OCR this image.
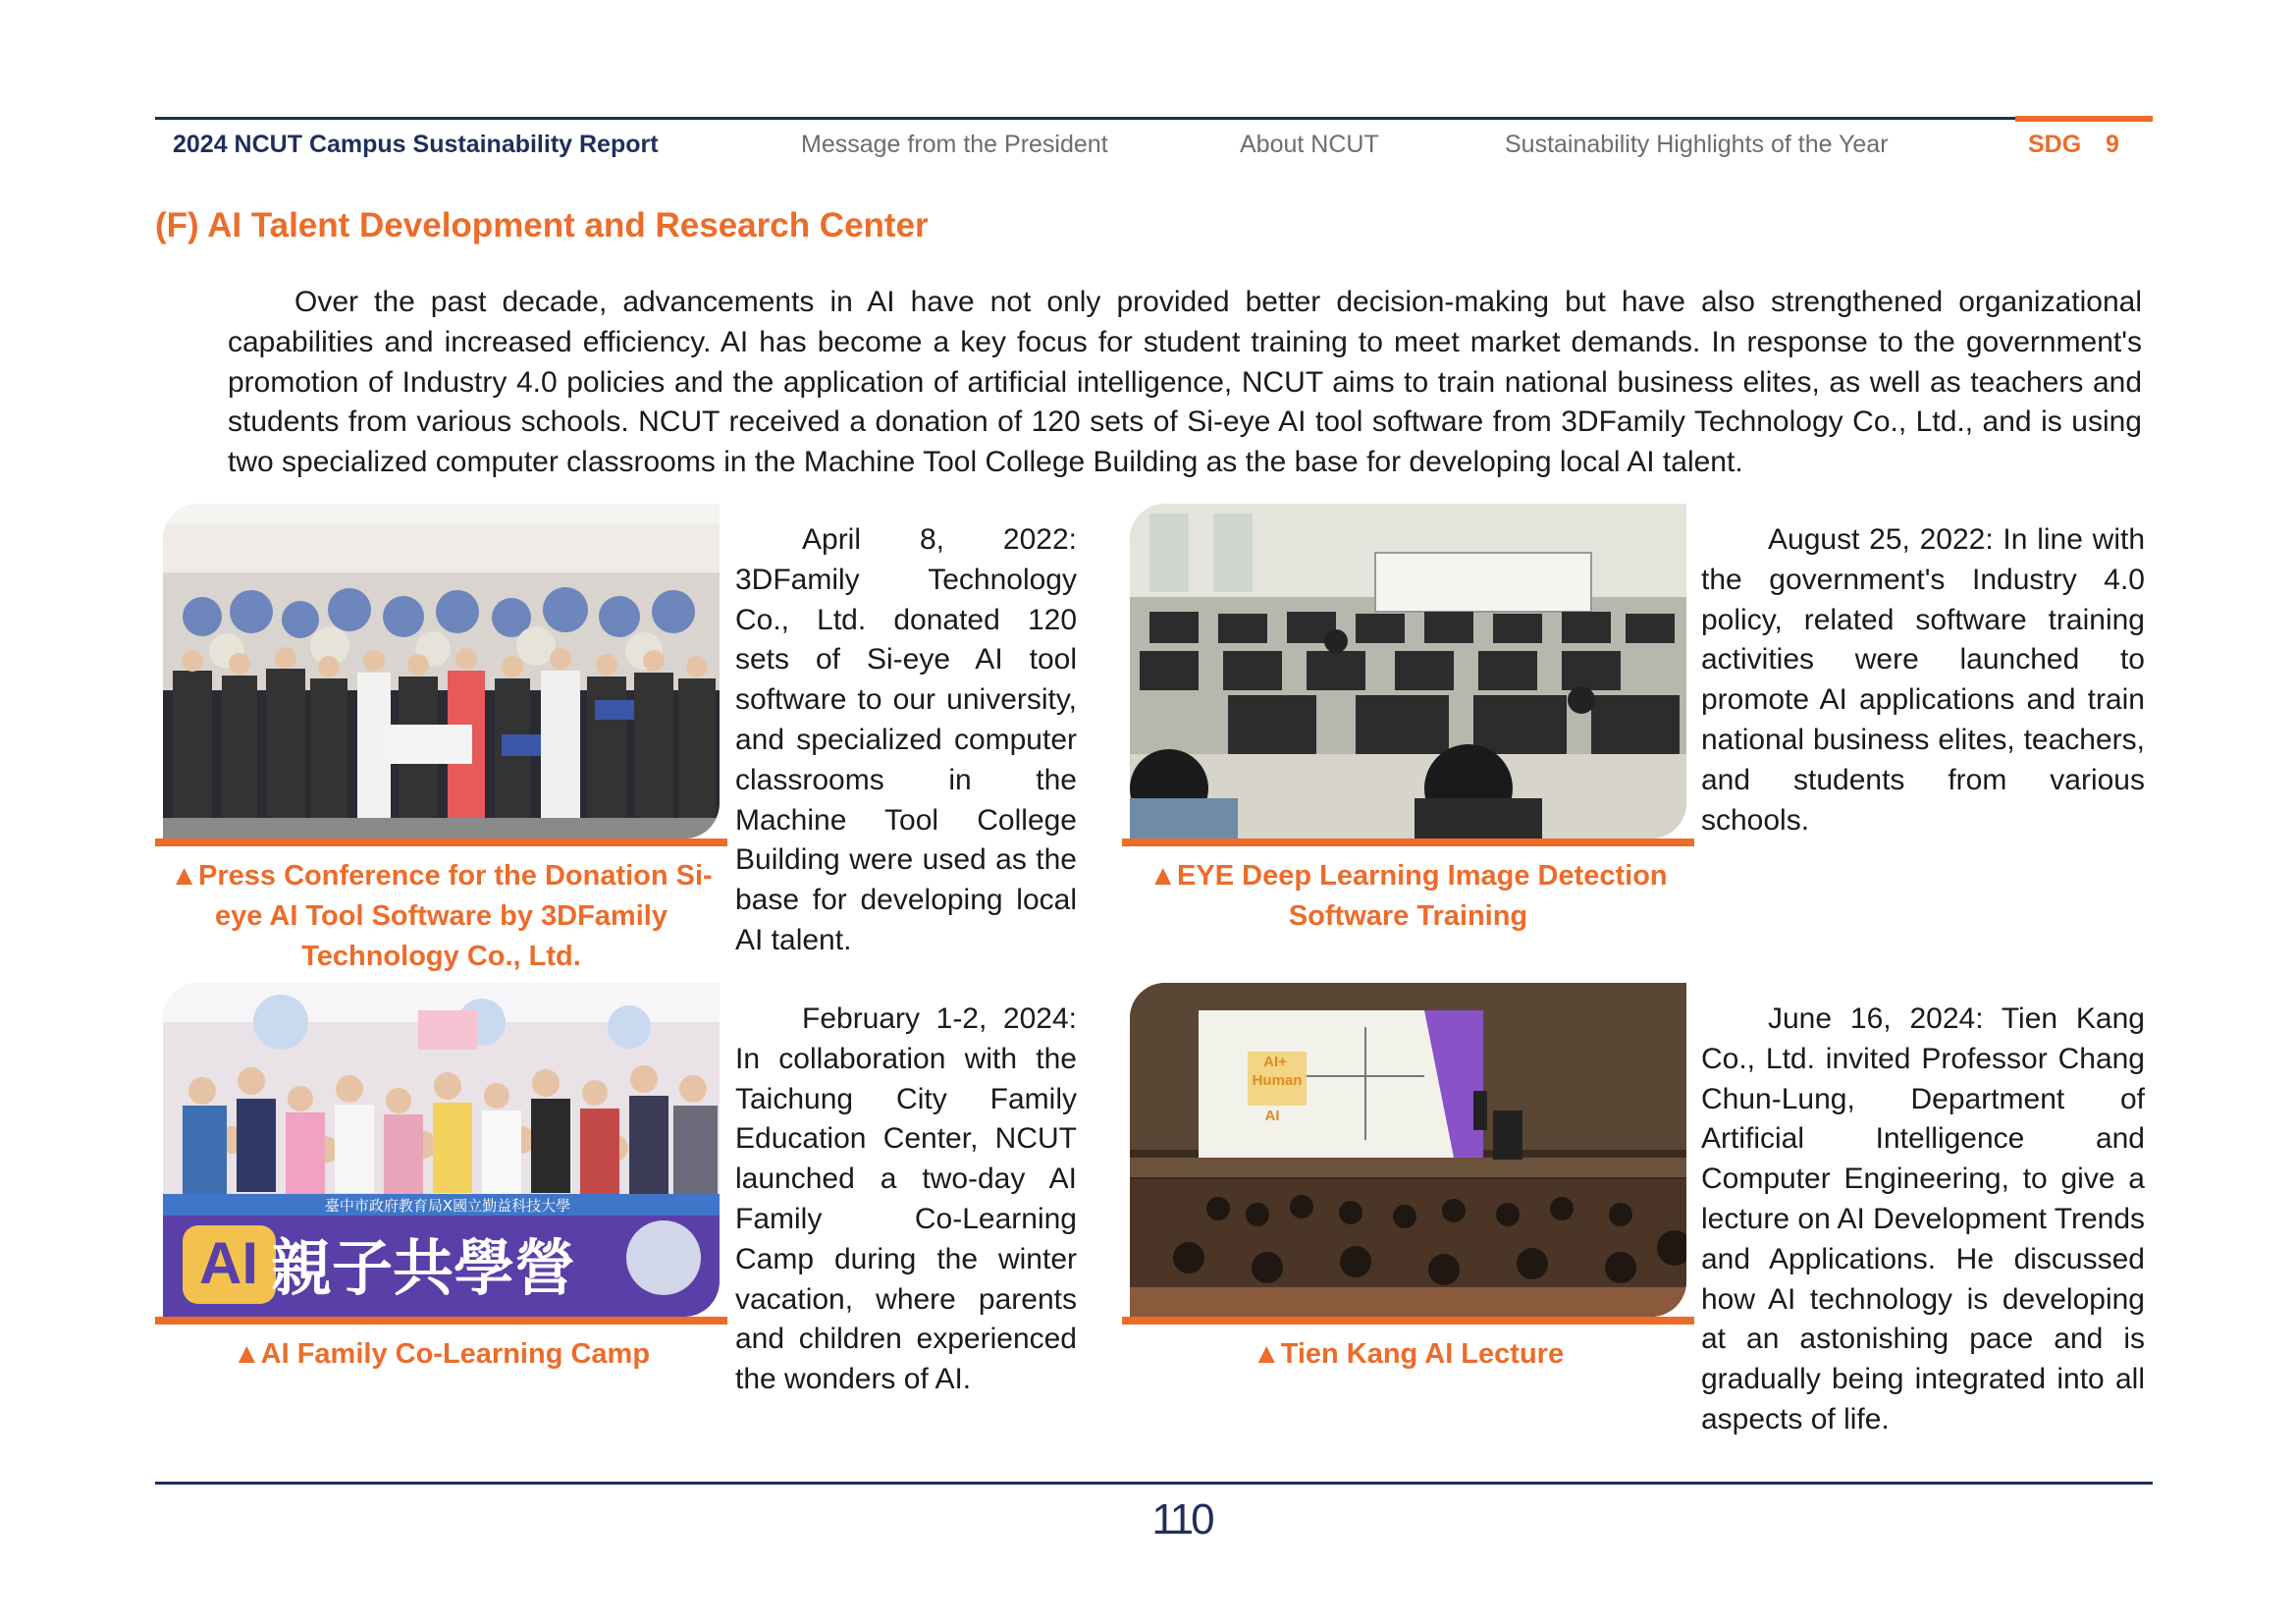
2024 NCUT Campus Sustainability Report	Message from the President	About NCUT	Sustainability Highlights of the Year	SDG 9
(F) AI Talent Development and Research Center

Over the past decade, advancements in AI have not only provided better decision-making but have also strengthened organizational capabilities and increased efficiency. AI has become a key focus for student training to meet market demands. In response to the government's promotion of Industry 4.0 policies and the application of artificial intelligence, NCUT aims to train national business elites, as well as teachers and students from various schools. NCUT received a donation of 120 sets of Si-eye AI tool software from 3DFamily Technology Co., Ltd., and is using two specialized computer classrooms in the Machine Tool College Building as the base for developing local AI talent.

▲Press Conference for the Donation Si-eye AI Tool Software by 3DFamily Technology Co., Ltd.

April 8, 2022: 3DFamily Technology Co., Ltd. donated 120 sets of Si-eye AI tool software to our university, and specialized computer classrooms in the Machine Tool College Building were used as the base for developing local AI talent.

▲EYE Deep Learning Image Detection Software Training

August 25, 2022: In line with the government's Industry 4.0 policy, related software training activities were launched to promote AI applications and train national business elites, teachers, and students from various schools.

AI
臺中市政府教育局X國立勤益科技大學
親子共學營
▲AI Family Co-Learning Camp

February 1-2, 2024: In collaboration with the Taichung City Family Education Center, NCUT launched a two-day AI Family Co-Learning Camp during the winter vacation, where parents and children experienced the wonders of AI.

AI+
Human
AI
▲Tien Kang AI Lecture

June 16, 2024: Tien Kang Co., Ltd. invited Professor Chang Chun-Lung, Department of Artificial Intelligence and Computer Engineering, to give a lecture on AI Development Trends and Applications. He discussed how AI technology is developing at an astonishing pace and is gradually being integrated into all aspects of life.

110
